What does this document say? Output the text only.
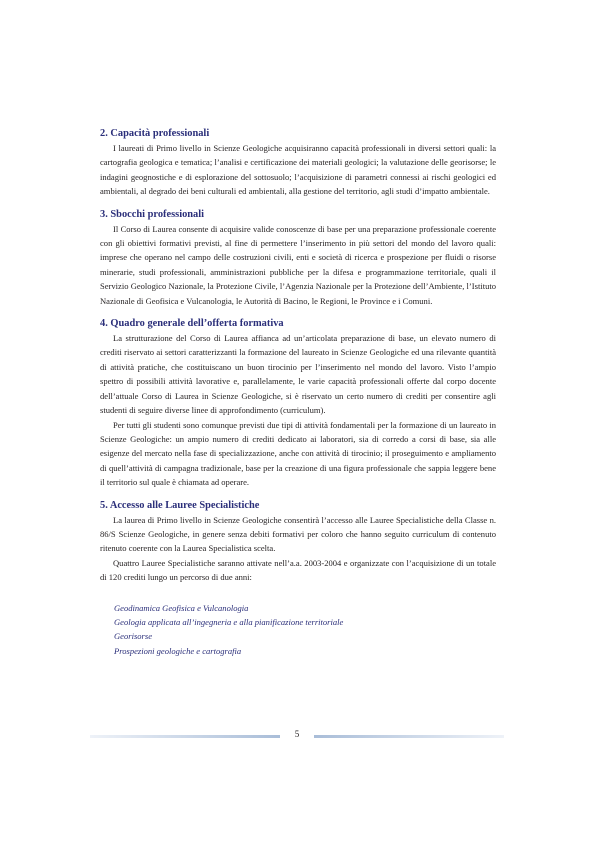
2. Capacità professionali

I laureati di Primo livello in Scienze Geologiche acquisiranno capacità professionali in diversi settori quali: la cartografia geologica e tematica; l’analisi e certificazione dei materiali geologici; la valutazione delle georisorse; le indagini geognostiche e di esplorazione del sottosuolo; l’acquisizione di parametri connessi ai rischi geologici ed ambientali, al degrado dei beni culturali ed ambientali, alla gestione del territorio, agli studi d’impatto ambientale.

3. Sbocchi professionali

Il Corso di Laurea consente di acquisire valide conoscenze di base per una preparazione professionale coerente con gli obiettivi formativi previsti, al fine di permettere l’inserimento in più settori del mondo del lavoro quali: imprese che operano nel campo delle costruzioni civili, enti e società di ricerca e prospezione per fluidi o risorse minerarie, studi professionali, amministrazioni pubbliche per la difesa e programmazione territoriale, quali il Servizio Geologico Nazionale, la Protezione Civile, l’Agenzia Nazionale per la Protezione dell’Ambiente, l’Istituto Nazionale di Geofisica e Vulcanologia, le Autorità di Bacino, le Regioni, le Province e i Comuni.

4. Quadro generale dell’offerta formativa

La strutturazione del Corso di Laurea affianca ad un’articolata preparazione di base, un elevato numero di crediti riservato ai settori caratterizzanti la formazione del laureato in Scienze Geologiche ed una rilevante quantità di attività pratiche, che costituiscano un buon tirocinio per l’inserimento nel mondo del lavoro. Visto l’ampio spettro di possibili attività lavorative e, parallelamente, le varie capacità professionali offerte dal corpo docente dell’attuale Corso di Laurea in Scienze Geologiche, si è riservato un certo numero di crediti per consentire agli studenti di seguire diverse linee di approfondimento (curriculum).

Per tutti gli studenti sono comunque previsti due tipi di attività fondamentali per la formazione di un laureato in Scienze Geologiche: un ampio numero di crediti dedicato ai laboratori, sia di corredo a corsi di base, sia alle esigenze del mercato nella fase di specializzazione, anche con attività di tirocinio; il proseguimento e ampliamento di quell’attività di campagna tradizionale, base per la creazione di una figura professionale che sappia leggere bene il territorio sul quale è chiamata ad operare.

5. Accesso alle Lauree Specialistiche

La laurea di Primo livello in Scienze Geologiche consentirà l’accesso alle Lauree Specialistiche della Classe n. 86/S Scienze Geologiche, in genere senza debiti formativi per coloro che hanno seguito curriculum di contenuto ritenuto coerente con la Laurea Specialistica scelta.

Quattro Lauree Specialistiche saranno attivate nell’a.a. 2003-2004 e organizzate con l’acquisizione di un totale di 120 crediti lungo un percorso di due anni:

Geodinamica Geofisica e Vulcanologia
Geologia applicata all’ingegneria e alla pianificazione territoriale
Georisorse
Prospezioni geologiche e cartografia
5
